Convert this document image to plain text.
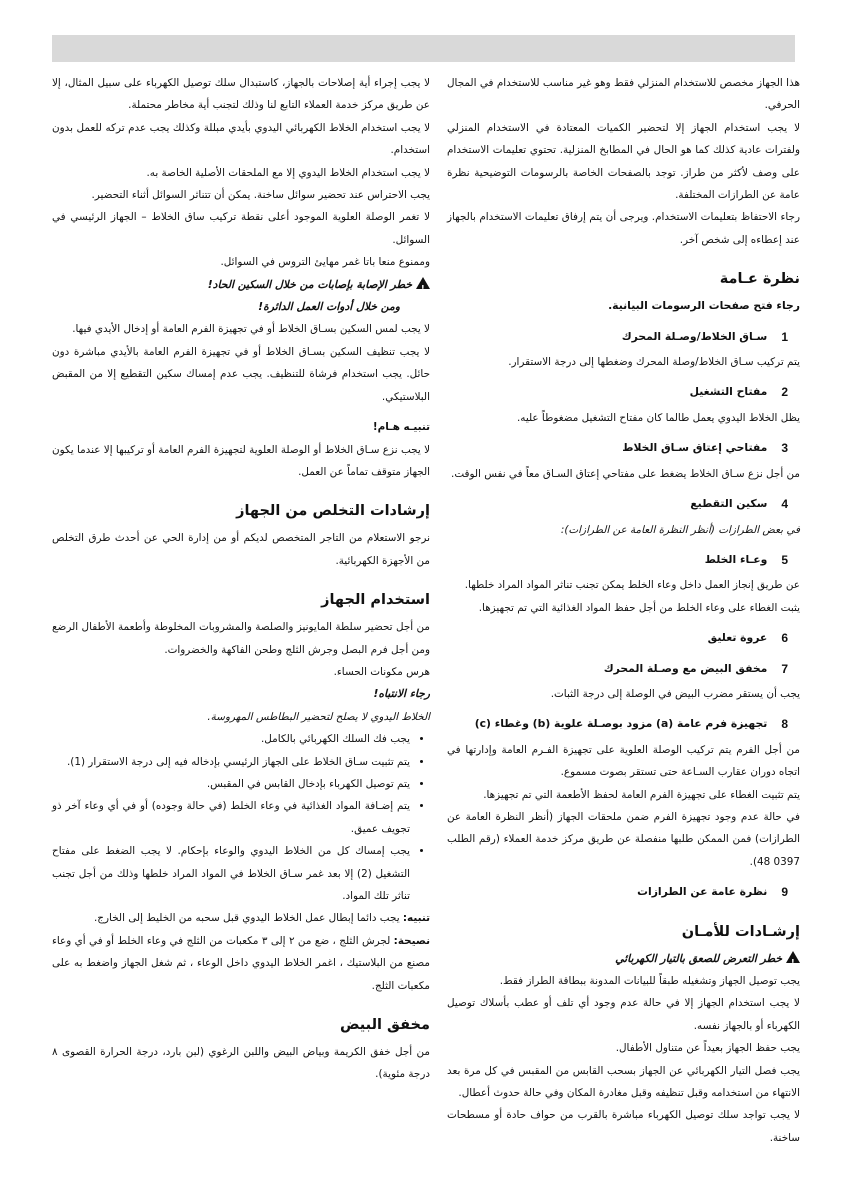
هذا الجهاز مخصص للاستخدام المنزلي فقط وهو غير مناسب للاستخدام في المجال الحرفي.

لا يجب استخدام الجهاز إلا لتحضير الكميات المعتادة في الاستخدام المنزلي ولفترات عادية كذلك كما هو الحال في المطابخ المنزلية. تحتوي تعليمات الاستخدام على وصف لأكثر من طراز. توجد بالصفحات الخاصة بالرسومات التوضيحية نظرة عامة عن الطرازات المختلفة.

رجاء الاحتفاظ بتعليمات الاستخدام. ويرجى أن يتم إرفاق تعليمات الاستخدام بالجهاز عند إعطاءه إلى شخص آخر.

نظرة عـامة

رجاء فتح صفحات الرسومات البيانية.

1
سـاق الخلاط/وصـلة المحرك

يتم تركيب سـاق الخلاط/وصلة المحرك وضغطها إلى درجة الاستقرار.

2
مفتاح التشغيل

يظل الخلاط اليدوي يعمل طالما كان مفتاح التشغيل مضغوطاً عليه.

3
مفتاحي إعتاق سـاق الخلاط

من أجل نزع سـاق الخلاط يضغط على مفتاحي إعتاق السـاق معاً في نفس الوقت.

4
سكين التقطيع

في بعض الطرازات (أنظر النظرة العامة عن الطرازات):

5
وعـاء الخلط

عن طريق إنجاز العمل داخل وعاء الخلط يمكن تجنب تناثر المواد المراد خلطها.

يثبت الغطاء على وعاء الخلط من أجل حفظ المواد الغذائية التي تم تجهيزها.

6
عروة تعليق
7
مخفق البيض مع وصـلة المحرك

يجب أن يستقر مضرب البيض في الوصلة إلى درجة الثبات.

8
تجهيزة فرم عامة (a) مزود بوصـلة علوية (b) وغطاء (c)

من أجل الفرم يتم تركيب الوصلة العلوية على تجهيزة الفـرم العامة وإدارتها في اتجاه دوران عقارب السـاعة حتى تستقر بصوت مسموع.

يتم تثبيت الغطاء على تجهيزة الفرم العامة لحفظ الأطعمة التي تم تجهيزها.

في حالة عدم وجود تجهيزة الفرم ضمن ملحقات الجهاز (أنظر النظرة العامة عن الطرازات) فمن الممكن طلبها منفصلة عن طريق مركز خدمة العملاء (رقم الطلب 0397 48).

9
نظرة عامة عن الطرازات
إرشـادات للأمـان

!خطر التعرض للصعق بالتيار الكهربائي

يجب توصيل الجهاز وتشغيله طبقاً للبيانات المدونة ببطاقة الطراز فقط.

لا يجب استخدام الجهاز إلا في حالة عدم وجود أي تلف أو عطب بأسلاك توصيل الكهرباء أو بالجهاز نفسه.

يجب حفظ الجهاز بعيداً عن متناول الأطفال.

يجب فصل التيار الكهربائي عن الجهاز بسحب القابس من المقبس في كل مرة بعد الانتهاء من استخدامه وقبل تنظيفه وقبل مغادرة المكان وفي حالة حدوث أعطال.

لا يجب تواجد سلك توصيل الكهرباء مباشرة بالقرب من حواف حادة أو مسطحات ساخنة.

لا يجب إجراء أية إصلاحات بالجهاز، كاستبدال سلك توصيل الكهرباء على سبيل المثال، إلا عن طريق مركز خدمة العملاء التابع لنا وذلك لتجنب أية مخاطر محتملة.

لا يجب استخدام الخلاط الكهربائي اليدوي بأيدي مبللة وكذلك يجب عدم تركه للعمل بدون استخدام.

لا يجب استخدام الخلاط اليدوي إلا مع الملحقات الأصلية الخاصة به.

يجب الاحتراس عند تحضير سوائل ساخنة. يمكن أن تتناثر السوائل أثناء التحضير.

لا تغمر الوصلة العلوية الموجود أعلى نقطة تركيب ساق الخلاط – الجهاز الرئيسي في السوائل.

وممنوع منعا باتا غمر مهايئ التروس في السوائل.

!خطر الإصابة بإصابات من خلال السكين الحاد!

ومن خلال أدوات العمل الدائرة!

لا يجب لمس السكين بسـاق الخلاط أو في تجهيزة الفرم العامة أو إدخال الأيدي فيها.

لا يجب تنظيف السكين بسـاق الخلاط أو في تجهيزة الفرم العامة بالأيدي مباشرة دون حائل. يجب استخدام فرشاة للتنظيف. يجب عدم إمساك سكين التقطيع إلا من المقبض البلاستيكي.

تنبيـه هـام!

لا يجب نزع سـاق الخلاط أو الوصلة العلوية لتجهيزة الفرم العامة أو تركيبها إلا عندما يكون الجهاز متوقف تماماً عن العمل.

إرشادات التخلص من الجهاز

نرجو الاستعلام من التاجر المتخصص لديكم أو من إدارة الحي عن أحدث طرق التخلص من الأجهزة الكهربائية.

استخدام الجهاز

من أجل تحضير سلطة المايونيز والصلصة والمشروبات المخلوطة وأطعمة الأطفال الرضع ومن أجل فرم البصل وجرش الثلج وطحن الفاكهة والخضروات.

هرس مكونات الحساء.

رجاء الانتباه!

الخلاط اليدوي لا يصلح لتحضير البطاطس المهروسة.

• يجب فك السلك الكهربائي بالكامل.
• يتم تثبيت سـاق الخلاط على الجهاز الرئيسي بإدخاله فيه إلى درجة الاستقرار (1).
• يتم توصيل الكهرباء بإدخال القابس في المقبس.
• يتم إضـافة المواد الغذائية في وعاء الخلط (في حالة وجوده) أو في أي وعاء آخر ذو تجويف عميق.
• يجب إمساك كل من الخلاط اليدوي والوعاء بإحكام. لا يجب الضغط على مفتاح التشغيل (2) إلا بعد غمر سـاق الخلاط في المواد المراد خلطها وذلك من أجل تجنب تناثر تلك المواد.

تنبيه: يجب دائما إبطال عمل الخلاط اليدوي قبل سحبه من الخليط إلى الخارج.

نصيحة: لجرش الثلج ، ضع من ٢ إلى ٣ مكعبات من الثلج في وعاء الخلط أو في أي وعاء مصنع من البلاستيك ، اغمر الخلاط اليدوي داخل الوعاء ، ثم شغل الجهاز واضغط به على مكعبات الثلج.

مخفق البيض

من أجل خفق الكريمة وبياض البيض واللبن الرغوي (لبن بارد، درجة الحرارة القصوى ٨ درجة مئوية).
